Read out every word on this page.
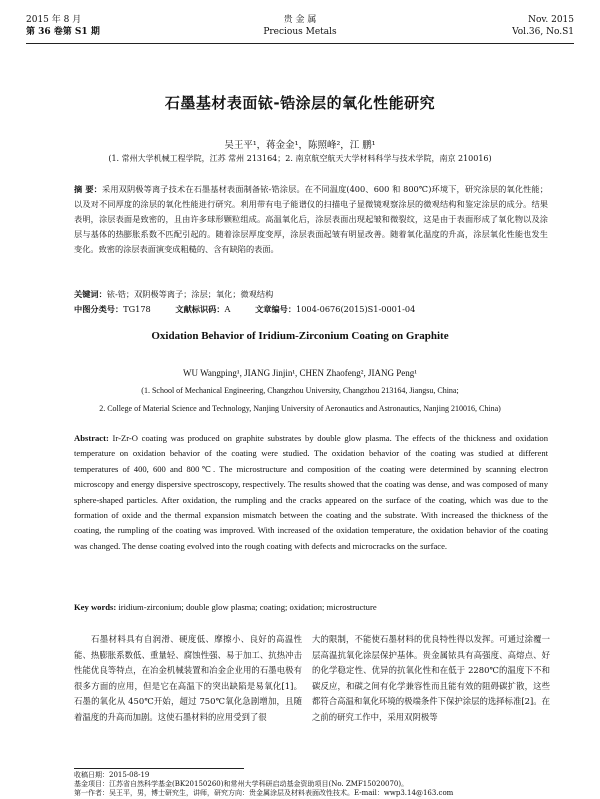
2015 年 8 月
第 36 卷第 S1 期
贵 金 属
Precious Metals
Nov. 2015
Vol.36, No.S1
石墨基材表面铱-锆涂层的氧化性能研究
吴王平¹，蒋金金¹，陈照峰²，江 鹏¹
(1. 常州大学机械工程学院，江苏 常州 213164；2. 南京航空航天大学材料科学与技术学院，南京 210016)
摘 要：采用双阴极等离子技术在石墨基材表面制备铱-锆涂层。在不同温度(400、600 和 800℃)环境下，研究涂层的氧化性能；以及对不同厚度的涂层的氧化性能进行研究。利用带有电子能谱仪的扫描电子显微镜观察涂层的微观结构和鉴定涂层的成分。结果表明，涂层表面是致密的，且由许多球形颗粒组成。高温氧化后，涂层表面出现起皱和微裂纹，这是由于表面形成了氧化物以及涂层与基体的热膨胀系数不匹配引起的。随着涂层厚度变厚，涂层表面起皱有明显改善。随着氧化温度的升高，涂层氧化性能也发生变化。致密的涂层表面演变成粗糙的、含有缺陷的表面。
关键词：铱-锆；双阴极等离子；涂层；氧化；微观结构
中图分类号：TG178	文献标识码：A	文章编号：1004-0676(2015)S1-0001-04
Oxidation Behavior of Iridium-Zirconium Coating on Graphite
WU Wangping¹, JIANG Jinjin¹, CHEN Zhaofeng², JIANG Peng¹
(1. School of Mechanical Engineering, Changzhou University, Changzhou 213164, Jiangsu, China;
2. College of Material Science and Technology, Nanjing University of Aeronautics and Astronautics, Nanjing 210016, China)
Abstract: Ir-Zr-O coating was produced on graphite substrates by double glow plasma. The effects of the thickness and oxidation temperature on oxidation behavior of the coating were studied. The oxidation behavior of the coating was studied at different temperatures of 400, 600 and 800℃. The microstructure and composition of the coating were determined by scanning electron microscopy and energy dispersive spectroscopy, respectively. The results showed that the coating was dense, and was composed of many sphere-shaped particles. After oxidation, the rumpling and the cracks appeared on the surface of the coating, which was due to the formation of oxide and the thermal expansion mismatch between the coating and the substrate. With increased the thickness of the coating, the rumpling of the coating was improved. With increased of the oxidation temperature, the oxidation behavior of the coating was changed. The dense coating evolved into the rough coating with defects and microcracks on the surface.
Key words: iridium-zirconium; double glow plasma; coating; oxidation; microstructure
石墨材料具有自润滑、硬度低、摩擦小、良好的高温性能、热膨胀系数低、重量轻、腐蚀性强、易于加工、抗热冲击性能优良等特点，在冶金机械装置和冶金企业用的石墨电极有很多方面的应用，但是它在高温下的突出缺陷是易氧化[1]。石墨的氧化从 450℃开始，超过 750℃氧化急剧增加，且随着温度的升高而加剧。这使石墨材料的应用受到了很
大的限制，不能使石墨材料的优良特性得以发挥。可通过涂覆一层高温抗氧化涂层保护基体。贵金属铱具有高强度、高熔点、好的化学稳定性、优异的抗氧化性和在低于 2280℃的温度下不和碳反应，和碳之间有化学兼容性而且能有效的阻碍碳扩散，这些都符合高温和氧化环境的极端条件下保护涂层的选择标准[2]。在之前的研究工作中，采用双阴极等
收稿日期：2015-08-19
基金项目：江苏省自然科学基金(BK20150260)和常州大学科研启动基金资助项目(No. ZMF15020070)。
第一作者：吴王平，男，博士研究生，讲师，研究方向：贵金属涂层及材料表面改性技术。E-mail：wwp3.14@163.com
